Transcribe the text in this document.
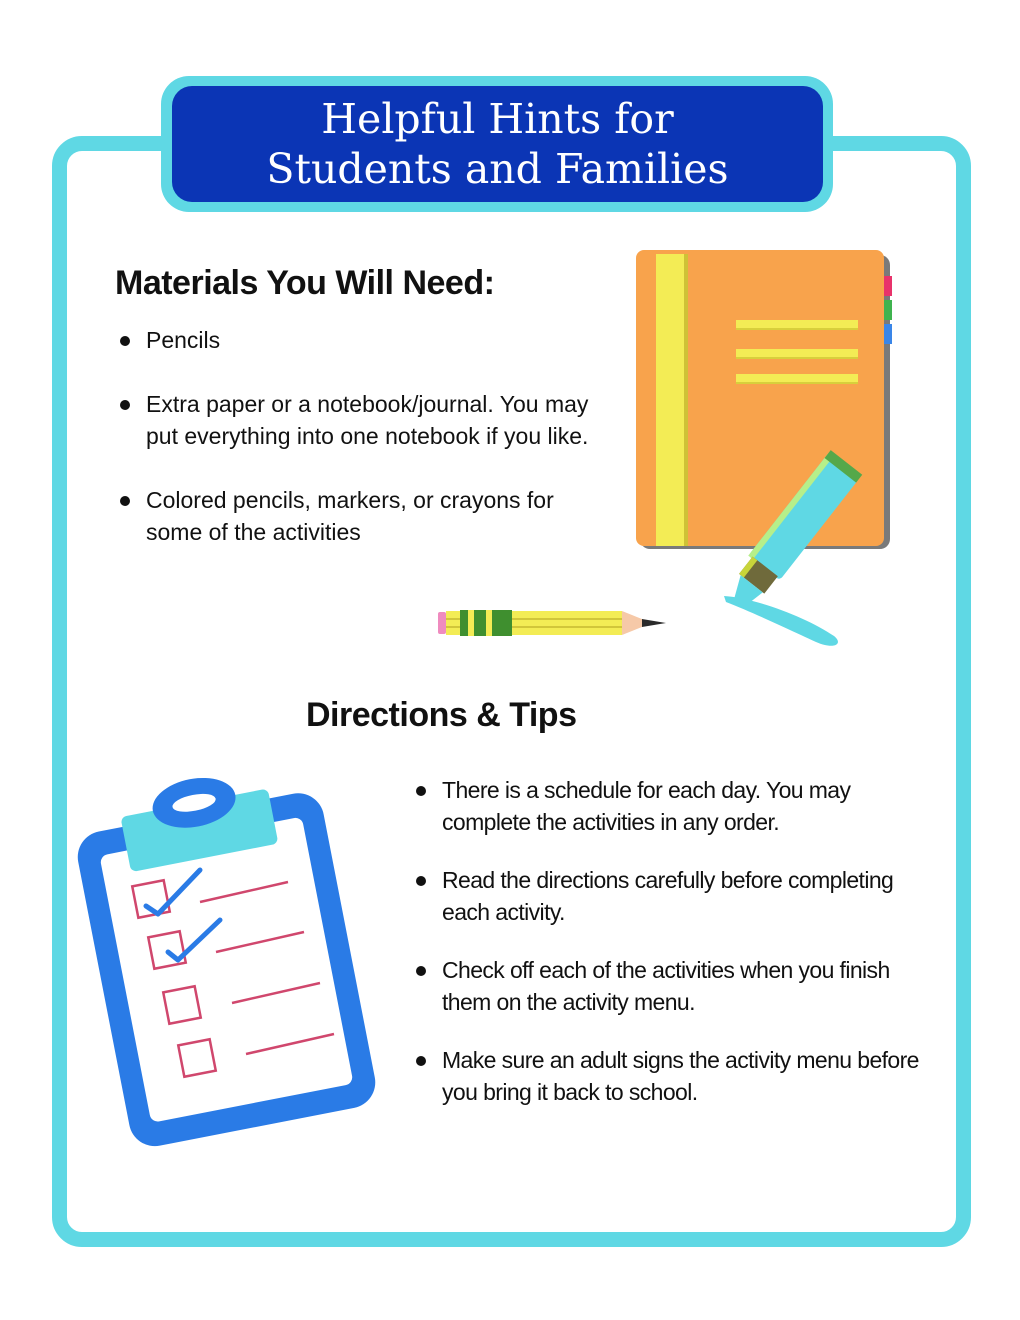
Helpful Hints for
Students and Families
Materials You Will Need:
Pencils
Extra paper or a notebook/journal. You may put everything into one notebook if you like.
Colored pencils, markers, or crayons for some of the activities
Directions & Tips
There is a schedule for each day. You may complete the activities in any order.
Read the directions carefully before completing each activity.
Check off each of the activities when you finish them on the activity menu.
Make sure an adult signs the activity menu before you bring it back to school.
